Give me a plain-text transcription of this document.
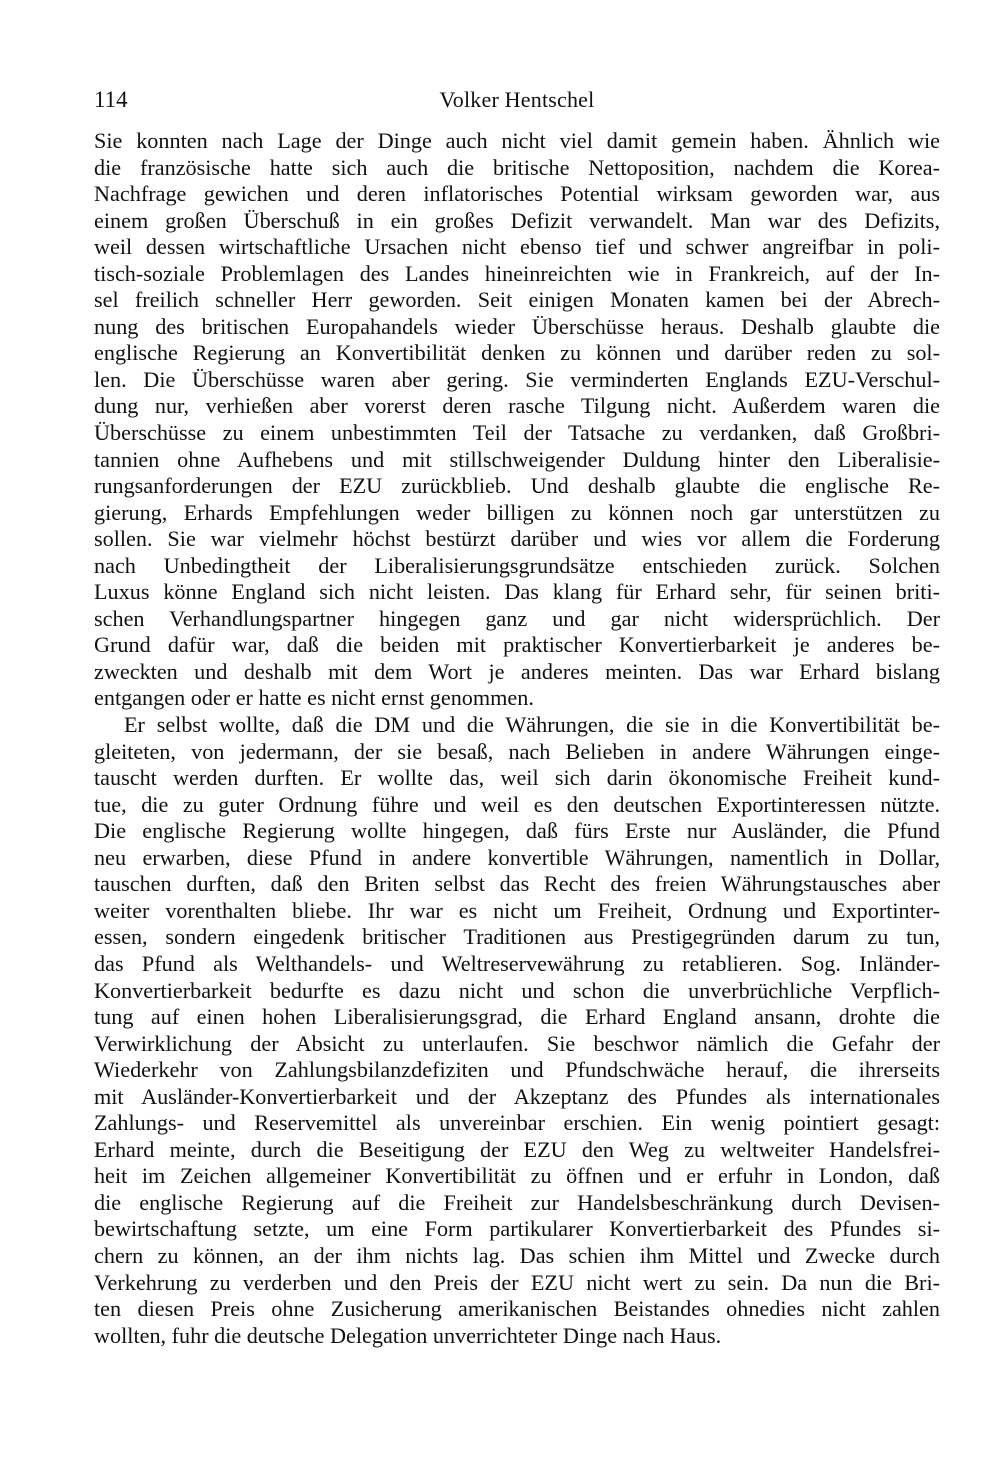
114	Volker Hentschel
Sie konnten nach Lage der Dinge auch nicht viel damit gemein haben. Ähnlich wie
die französische hatte sich auch die britische Nettoposition, nachdem die Korea-
Nachfrage gewichen und deren inflatorisches Potential wirksam geworden war, aus
einem großen Überschuß in ein großes Defizit verwandelt. Man war des Defizits,
weil dessen wirtschaftliche Ursachen nicht ebenso tief und schwer angreifbar in poli-
tisch-soziale Problemlagen des Landes hineinreichten wie in Frankreich, auf der In-
sel freilich schneller Herr geworden. Seit einigen Monaten kamen bei der Abrech-
nung des britischen Europahandels wieder Überschüsse heraus. Deshalb glaubte die
englische Regierung an Konvertibilität denken zu können und darüber reden zu sol-
len. Die Überschüsse waren aber gering. Sie verminderten Englands EZU-Verschul-
dung nur, verhießen aber vorerst deren rasche Tilgung nicht. Außerdem waren die
Überschüsse zu einem unbestimmten Teil der Tatsache zu verdanken, daß Großbri-
tannien ohne Aufhebens und mit stillschweigender Duldung hinter den Liberalisie-
rungsanforderungen der EZU zurückblieb. Und deshalb glaubte die englische Re-
gierung, Erhards Empfehlungen weder billigen zu können noch gar unterstützen zu
sollen. Sie war vielmehr höchst bestürzt darüber und wies vor allem die Forderung
nach Unbedingtheit der Liberalisierungsgrundsätze entschieden zurück. Solchen
Luxus könne England sich nicht leisten. Das klang für Erhard sehr, für seinen briti-
schen Verhandlungspartner hingegen ganz und gar nicht widersprüchlich. Der
Grund dafür war, daß die beiden mit praktischer Konvertierbarkeit je anderes be-
zweckten und deshalb mit dem Wort je anderes meinten. Das war Erhard bislang
entgangen oder er hatte es nicht ernst genommen.
Er selbst wollte, daß die DM und die Währungen, die sie in die Konvertibilität be-
gleiteten, von jedermann, der sie besaß, nach Belieben in andere Währungen einge-
tauscht werden durften. Er wollte das, weil sich darin ökonomische Freiheit kund-
tue, die zu guter Ordnung führe und weil es den deutschen Exportinteressen nützte.
Die englische Regierung wollte hingegen, daß fürs Erste nur Ausländer, die Pfund
neu erwarben, diese Pfund in andere konvertible Währungen, namentlich in Dollar,
tauschen durften, daß den Briten selbst das Recht des freien Währungstausches aber
weiter vorenthalten bliebe. Ihr war es nicht um Freiheit, Ordnung und Exportinter-
essen, sondern eingedenk britischer Traditionen aus Prestigegründen darum zu tun,
das Pfund als Welthandels- und Weltreservewährung zu retablieren. Sog. Inländer-
Konvertierbarkeit bedurfte es dazu nicht und schon die unverbrüchliche Verpflich-
tung auf einen hohen Liberalisierungsgrad, die Erhard England ansann, drohte die
Verwirklichung der Absicht zu unterlaufen. Sie beschwor nämlich die Gefahr der
Wiederkehr von Zahlungsbilanzdefiziten und Pfundschwäche herauf, die ihrerseits
mit Ausländer-Konvertierbarkeit und der Akzeptanz des Pfundes als internationales
Zahlungs- und Reservemittel als unvereinbar erschien. Ein wenig pointiert gesagt:
Erhard meinte, durch die Beseitigung der EZU den Weg zu weltweiter Handelsfrei-
heit im Zeichen allgemeiner Konvertibilität zu öffnen und er erfuhr in London, daß
die englische Regierung auf die Freiheit zur Handelsbeschränkung durch Devisen-
bewirtschaftung setzte, um eine Form partikularer Konvertierbarkeit des Pfundes si-
chern zu können, an der ihm nichts lag. Das schien ihm Mittel und Zwecke durch
Verkehrung zu verderben und den Preis der EZU nicht wert zu sein. Da nun die Bri-
ten diesen Preis ohne Zusicherung amerikanischen Beistandes ohnedies nicht zahlen
wollten, fuhr die deutsche Delegation unverrichteter Dinge nach Haus.
